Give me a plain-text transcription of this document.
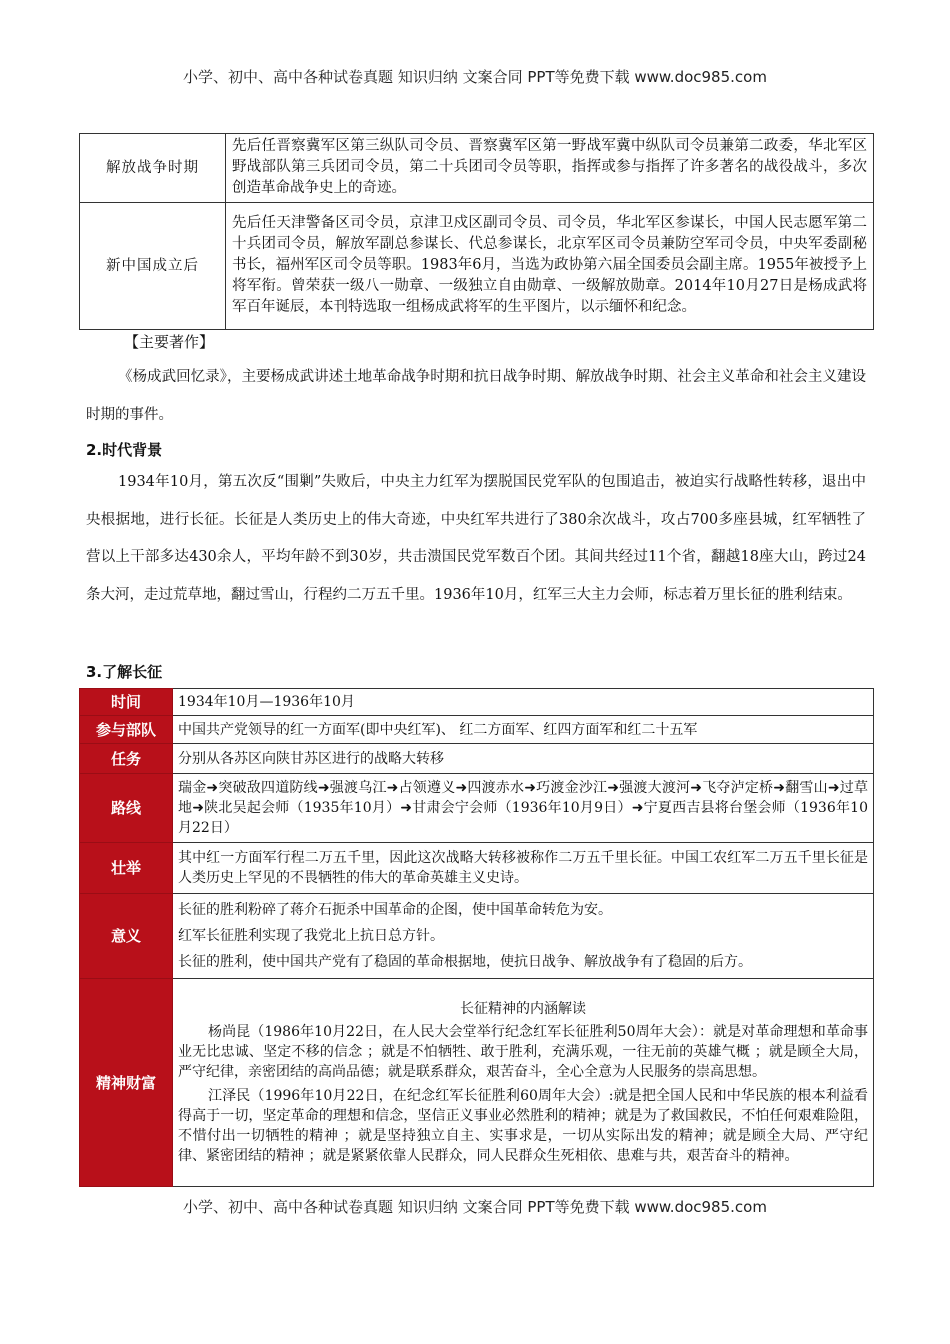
小学、初中、高中各种试卷真题 知识归纳 文案合同 PPT等免费下载 www.doc985.com
解放战争时期	先后任晋察冀军区第三纵队司令员、晋察冀军区第一野战军冀中纵队司令员兼第二政委，华北军区野战部队第三兵团司令员，第二十兵团司令员等职，指挥或参与指挥了许多著名的战役战斗，多次创造革命战争史上的奇迹。
新中国成立后	先后任天津警备区司令员，京津卫戍区副司令员、司令员，华北军区参谋长，中国人民志愿军第二十兵团司令员，解放军副总参谋长、代总参谋长，北京军区司令员兼防空军司令员，中央军委副秘书长，福州军区司令员等职。1983年6月，当选为政协第六届全国委员会副主席。1955年被授予上将军衔。曾荣获一级八一勋章、一级独立自由勋章、一级解放勋章。2014年10月27日是杨成武将军百年诞辰，本刊特选取一组杨成武将军的生平图片，以示缅怀和纪念。
【主要著作】
《杨成武回忆录》，主要杨成武讲述土地革命战争时期和抗日战争时期、解放战争时期、社会主义革命和社会主义建设时期的事件。
2.时代背景
1934年10月，第五次反“围剿”失败后，中央主力红军为摆脱国民党军队的包围追击，被迫实行战略性转移，退出中央根据地，进行长征。长征是人类历史上的伟大奇迹，中央红军共进行了380余次战斗，攻占700多座县城，红军牺牲了营以上干部多达430余人，平均年龄不到30岁，共击溃国民党军数百个团。其间共经过11个省，翻越18座大山，跨过24条大河，走过荒草地，翻过雪山，行程约二万五千里。1936年10月，红军三大主力会师，标志着万里长征的胜利结束。
3.了解长征
时间	1934年10月—1936年10月
参与部队	中国共产党领导的红一方面军(即中央红军)、 红二方面军、红四方面军和红二十五军
任务	分别从各苏区向陕甘苏区进行的战略大转移
路线	瑞金➜突破敌四道防线➜强渡乌江➜占领遵义➜四渡赤水➜巧渡金沙江➜强渡大渡河➜飞夺泸定桥➜翻雪山➜过草地➜陕北吴起会师（1935年10月）➜甘肃会宁会师（1936年10月9日）➜宁夏西吉县将台堡会师（1936年10月22日）
壮举	其中红一方面军行程二万五千里，因此这次战略大转移被称作二万五千里长征。中国工农红军二万五千里长征是人类历史上罕见的不畏牺牲的伟大的革命英雄主义史诗。
意义	长征的胜利粉碎了蒋介石扼杀中国革命的企图，使中国革命转危为安。
红军长征胜利实现了我党北上抗日总方针。
长征的胜利，使中国共产党有了稳固的革命根据地，使抗日战争、解放战争有了稳固的后方。

精神财富	长征精神的内涵解读
杨尚昆（1986年10月22日，在人民大会堂举行纪念红军长征胜利50周年大会）：就是对革命理想和革命事业无比忠诚、坚定不移的信念 ；就是不怕牺牲、敢于胜利，充满乐观，一往无前的英雄气概 ；就是顾全大局，严守纪律，亲密团结的高尚品德；就是联系群众，艰苦奋斗，全心全意为人民服务的崇高思想。
江泽民（1996年10月22日，在纪念红军长征胜利60周年大会）:就是把全国人民和中华民族的根本利益看得高于一切，坚定革命的理想和信念，坚信正义事业必然胜利的精神；就是为了救国救民，不怕任何艰难险阻，不惜付出一切牺牲的精神 ；就是坚持独立自主、实事求是，一切从实际出发的精神；就是顾全大局、严守纪律、紧密团结的精神 ；就是紧紧依靠人民群众，同人民群众生死相依、患难与共，艰苦奋斗的精神。
小学、初中、高中各种试卷真题 知识归纳 文案合同 PPT等免费下载 www.doc985.com
